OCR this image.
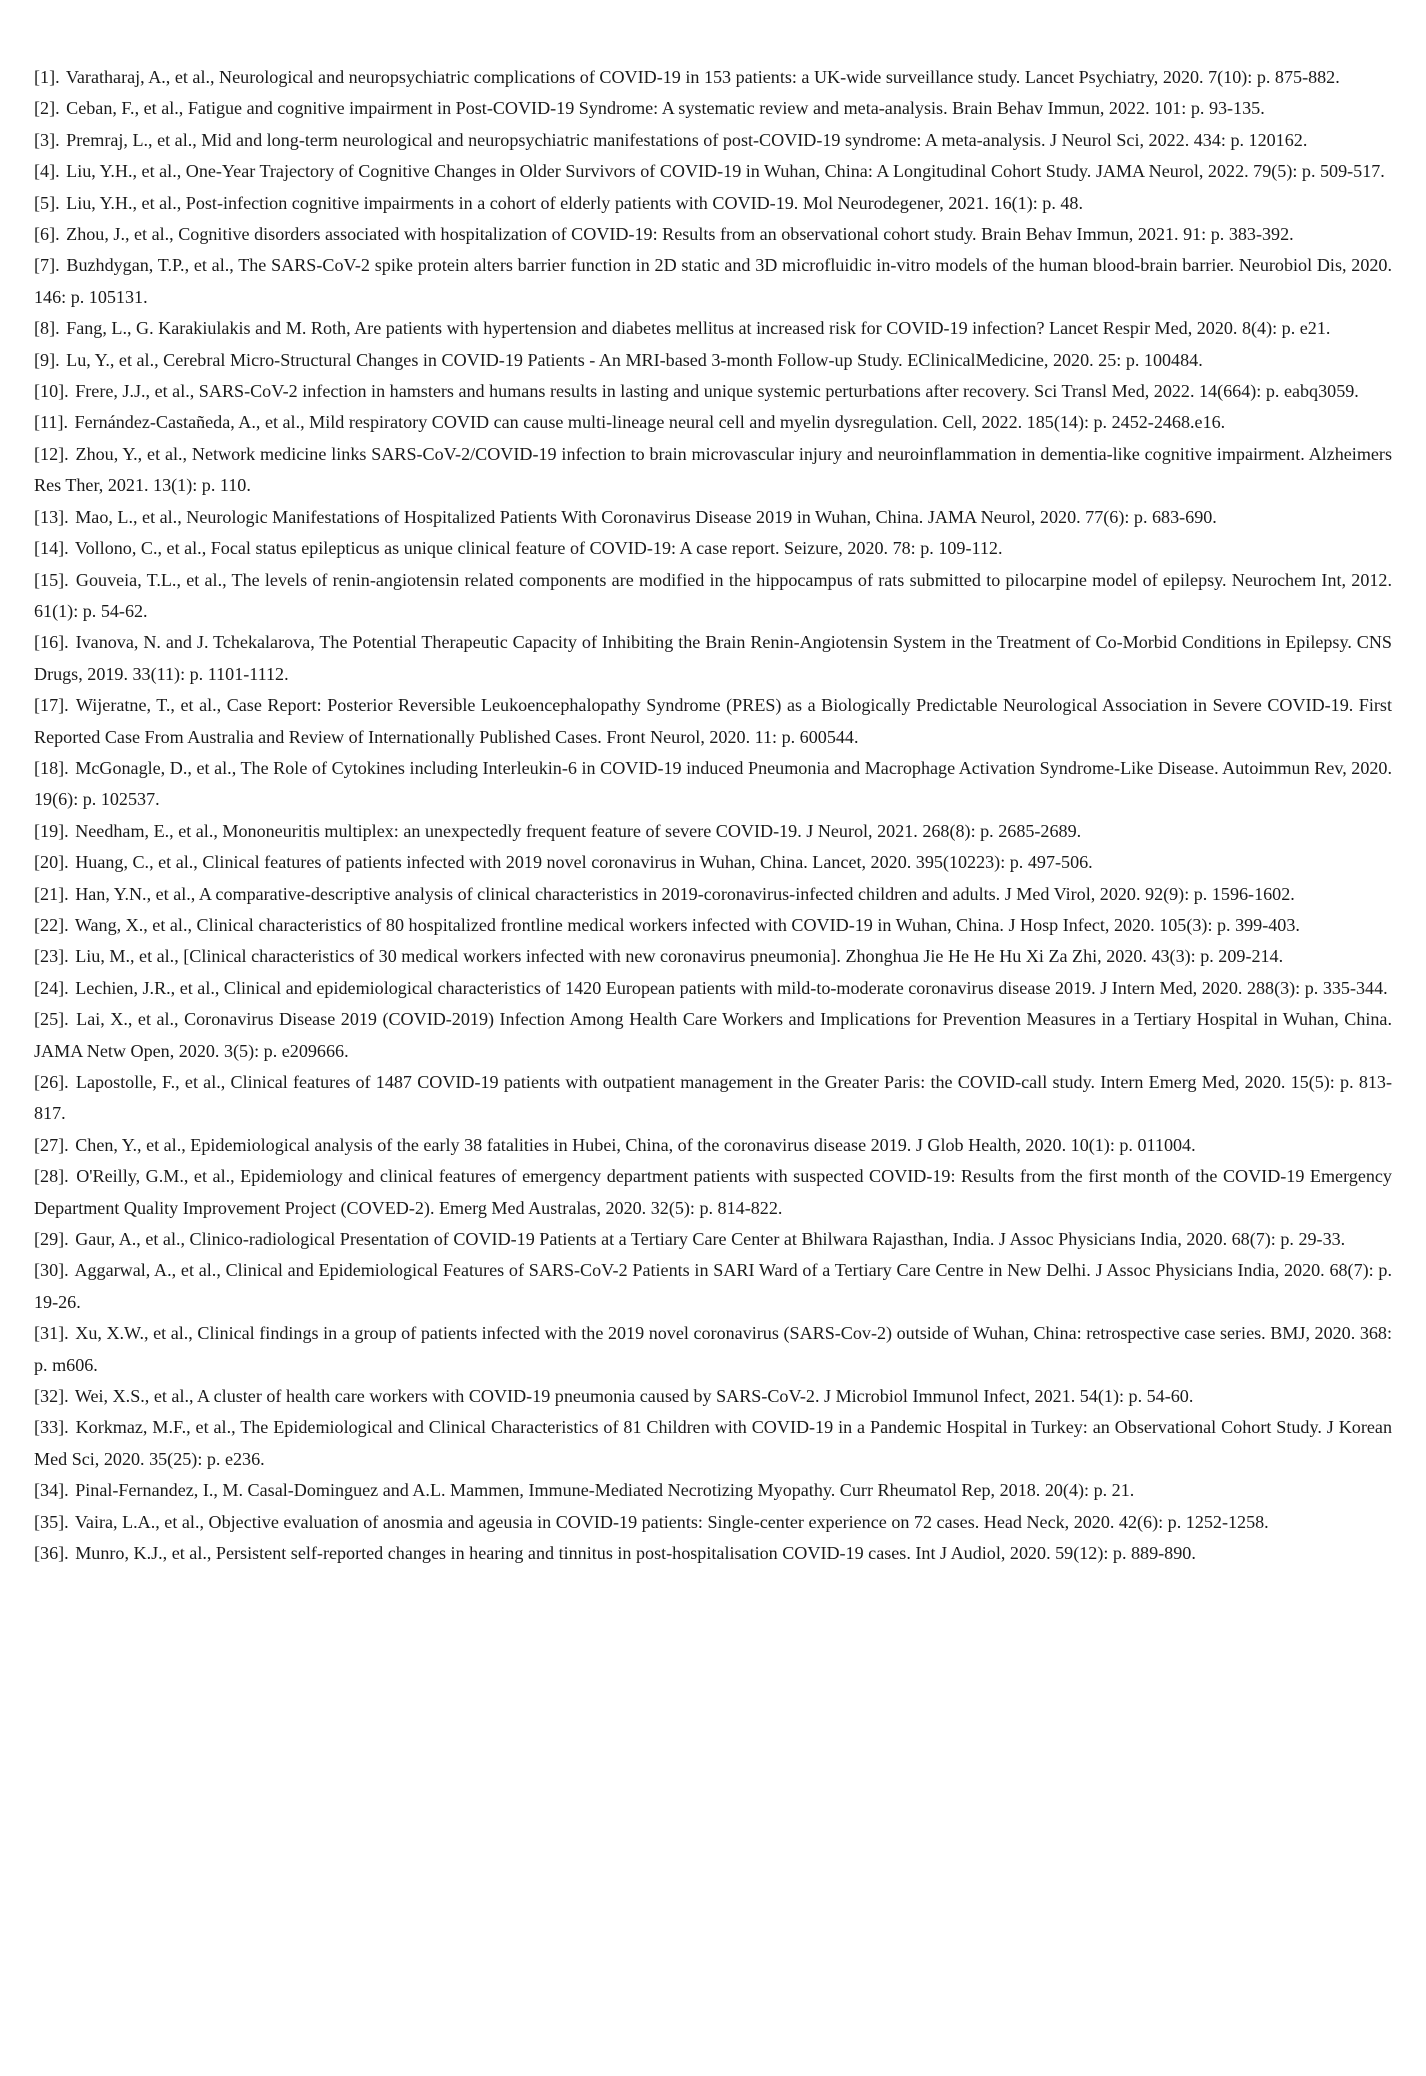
[1]. Varatharaj, A., et al., Neurological and neuropsychiatric complications of COVID-19 in 153 patients: a UK-wide surveillance study. Lancet Psychiatry, 2020. 7(10): p. 875-882.
[2]. Ceban, F., et al., Fatigue and cognitive impairment in Post-COVID-19 Syndrome: A systematic review and meta-analysis. Brain Behav Immun, 2022. 101: p. 93-135.
[3]. Premraj, L., et al., Mid and long-term neurological and neuropsychiatric manifestations of post-COVID-19 syndrome: A meta-analysis. J Neurol Sci, 2022. 434: p. 120162.
[4]. Liu, Y.H., et al., One-Year Trajectory of Cognitive Changes in Older Survivors of COVID-19 in Wuhan, China: A Longitudinal Cohort Study. JAMA Neurol, 2022. 79(5): p. 509-517.
[5]. Liu, Y.H., et al., Post-infection cognitive impairments in a cohort of elderly patients with COVID-19. Mol Neurodegener, 2021. 16(1): p. 48.
[6]. Zhou, J., et al., Cognitive disorders associated with hospitalization of COVID-19: Results from an observational cohort study. Brain Behav Immun, 2021. 91: p. 383-392.
[7]. Buzhdygan, T.P., et al., The SARS-CoV-2 spike protein alters barrier function in 2D static and 3D microfluidic in-vitro models of the human blood-brain barrier. Neurobiol Dis, 2020. 146: p. 105131.
[8]. Fang, L., G. Karakiulakis and M. Roth, Are patients with hypertension and diabetes mellitus at increased risk for COVID-19 infection? Lancet Respir Med, 2020. 8(4): p. e21.
[9]. Lu, Y., et al., Cerebral Micro-Structural Changes in COVID-19 Patients - An MRI-based 3-month Follow-up Study. EClinicalMedicine, 2020. 25: p. 100484.
[10]. Frere, J.J., et al., SARS-CoV-2 infection in hamsters and humans results in lasting and unique systemic perturbations after recovery. Sci Transl Med, 2022. 14(664): p. eabq3059.
[11]. Fernández-Castañeda, A., et al., Mild respiratory COVID can cause multi-lineage neural cell and myelin dysregulation. Cell, 2022. 185(14): p. 2452-2468.e16.
[12]. Zhou, Y., et al., Network medicine links SARS-CoV-2/COVID-19 infection to brain microvascular injury and neuroinflammation in dementia-like cognitive impairment. Alzheimers Res Ther, 2021. 13(1): p. 110.
[13]. Mao, L., et al., Neurologic Manifestations of Hospitalized Patients With Coronavirus Disease 2019 in Wuhan, China. JAMA Neurol, 2020. 77(6): p. 683-690.
[14]. Vollono, C., et al., Focal status epilepticus as unique clinical feature of COVID-19: A case report. Seizure, 2020. 78: p. 109-112.
[15]. Gouveia, T.L., et al., The levels of renin-angiotensin related components are modified in the hippocampus of rats submitted to pilocarpine model of epilepsy. Neurochem Int, 2012. 61(1): p. 54-62.
[16]. Ivanova, N. and J. Tchekalarova, The Potential Therapeutic Capacity of Inhibiting the Brain Renin-Angiotensin System in the Treatment of Co-Morbid Conditions in Epilepsy. CNS Drugs, 2019. 33(11): p. 1101-1112.
[17]. Wijeratne, T., et al., Case Report: Posterior Reversible Leukoencephalopathy Syndrome (PRES) as a Biologically Predictable Neurological Association in Severe COVID-19. First Reported Case From Australia and Review of Internationally Published Cases. Front Neurol, 2020. 11: p. 600544.
[18]. McGonagle, D., et al., The Role of Cytokines including Interleukin-6 in COVID-19 induced Pneumonia and Macrophage Activation Syndrome-Like Disease. Autoimmun Rev, 2020. 19(6): p. 102537.
[19]. Needham, E., et al., Mononeuritis multiplex: an unexpectedly frequent feature of severe COVID-19. J Neurol, 2021. 268(8): p. 2685-2689.
[20]. Huang, C., et al., Clinical features of patients infected with 2019 novel coronavirus in Wuhan, China. Lancet, 2020. 395(10223): p. 497-506.
[21]. Han, Y.N., et al., A comparative-descriptive analysis of clinical characteristics in 2019-coronavirus-infected children and adults. J Med Virol, 2020. 92(9): p. 1596-1602.
[22]. Wang, X., et al., Clinical characteristics of 80 hospitalized frontline medical workers infected with COVID-19 in Wuhan, China. J Hosp Infect, 2020. 105(3): p. 399-403.
[23]. Liu, M., et al., [Clinical characteristics of 30 medical workers infected with new coronavirus pneumonia]. Zhonghua Jie He He Hu Xi Za Zhi, 2020. 43(3): p. 209-214.
[24]. Lechien, J.R., et al., Clinical and epidemiological characteristics of 1420 European patients with mild-to-moderate coronavirus disease 2019. J Intern Med, 2020. 288(3): p. 335-344.
[25]. Lai, X., et al., Coronavirus Disease 2019 (COVID-2019) Infection Among Health Care Workers and Implications for Prevention Measures in a Tertiary Hospital in Wuhan, China. JAMA Netw Open, 2020. 3(5): p. e209666.
[26]. Lapostolle, F., et al., Clinical features of 1487 COVID-19 patients with outpatient management in the Greater Paris: the COVID-call study. Intern Emerg Med, 2020. 15(5): p. 813-817.
[27]. Chen, Y., et al., Epidemiological analysis of the early 38 fatalities in Hubei, China, of the coronavirus disease 2019. J Glob Health, 2020. 10(1): p. 011004.
[28]. O'Reilly, G.M., et al., Epidemiology and clinical features of emergency department patients with suspected COVID-19: Results from the first month of the COVID-19 Emergency Department Quality Improvement Project (COVED-2). Emerg Med Australas, 2020. 32(5): p. 814-822.
[29]. Gaur, A., et al., Clinico-radiological Presentation of COVID-19 Patients at a Tertiary Care Center at Bhilwara Rajasthan, India. J Assoc Physicians India, 2020. 68(7): p. 29-33.
[30]. Aggarwal, A., et al., Clinical and Epidemiological Features of SARS-CoV-2 Patients in SARI Ward of a Tertiary Care Centre in New Delhi. J Assoc Physicians India, 2020. 68(7): p. 19-26.
[31]. Xu, X.W., et al., Clinical findings in a group of patients infected with the 2019 novel coronavirus (SARS-Cov-2) outside of Wuhan, China: retrospective case series. BMJ, 2020. 368: p. m606.
[32]. Wei, X.S., et al., A cluster of health care workers with COVID-19 pneumonia caused by SARS-CoV-2. J Microbiol Immunol Infect, 2021. 54(1): p. 54-60.
[33]. Korkmaz, M.F., et al., The Epidemiological and Clinical Characteristics of 81 Children with COVID-19 in a Pandemic Hospital in Turkey: an Observational Cohort Study. J Korean Med Sci, 2020. 35(25): p. e236.
[34]. Pinal-Fernandez, I., M. Casal-Dominguez and A.L. Mammen, Immune-Mediated Necrotizing Myopathy. Curr Rheumatol Rep, 2018. 20(4): p. 21.
[35]. Vaira, L.A., et al., Objective evaluation of anosmia and ageusia in COVID-19 patients: Single-center experience on 72 cases. Head Neck, 2020. 42(6): p. 1252-1258.
[36]. Munro, K.J., et al., Persistent self-reported changes in hearing and tinnitus in post-hospitalisation COVID-19 cases. Int J Audiol, 2020. 59(12): p. 889-890.
